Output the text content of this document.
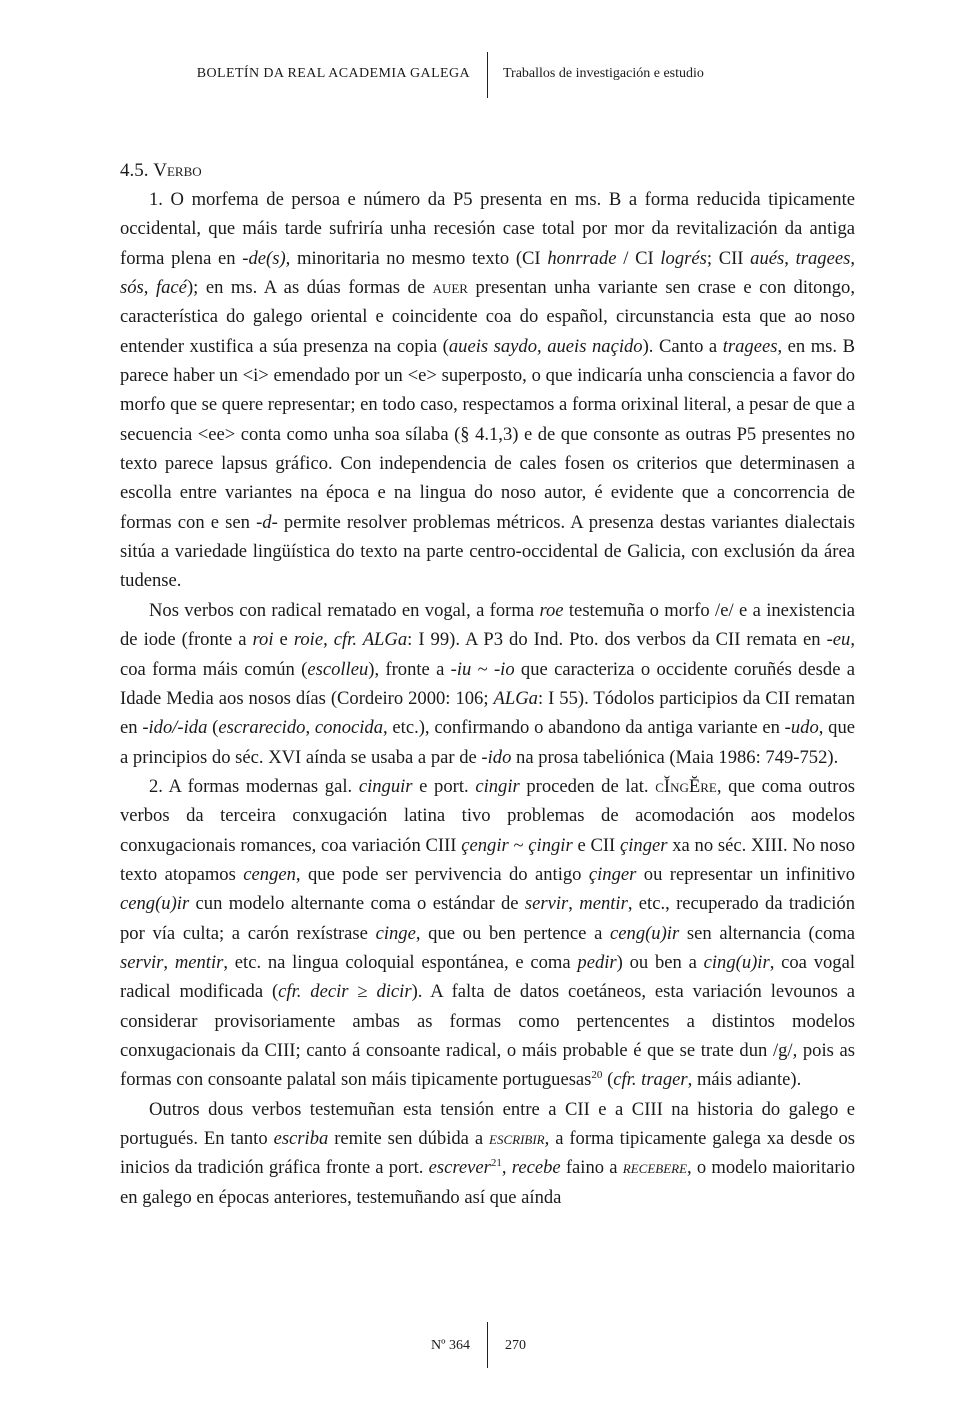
BOLETÍN DA REAL ACADEMIA GALEGA Traballos de investigación e estudio
4.5. Verbo

1. O morfema de persoa e número da P5 presenta en ms. B a forma reducida tipicamente occidental, que máis tarde sufriría unha recesión case total por mor da revitalización da antiga forma plena en -de(s), minoritaria no mesmo texto (CI honrrade / CI logrés; CII aués, tragees, sós, facé); en ms. A as dúas formas de auer presentan unha variante sen crase e con ditongo, característica do galego oriental e coincidente coa do español, circunstancia esta que ao noso entender xustifica a súa presenza na copia (aueis saydo, aueis naçido). Canto a tragees, en ms. B parece haber un <i> emendado por un <e> superposto, o que indicaría unha consciencia a favor do morfo que se quere representar; en todo caso, respectamos a forma orixinal literal, a pesar de que a secuencia <ee> conta como unha soa sílaba (§ 4.1,3) e de que consonte as outras P5 presentes no texto parece lapsus gráfico. Con independencia de cales fosen os criterios que determinasen a escolla entre variantes na época e na lingua do noso autor, é evidente que a concorrencia de formas con e sen -d- permite resolver problemas métricos. A presenza destas variantes dialectais sitúa a variedade lingüística do texto na parte centro-occidental de Galicia, con exclusión da área tudense.

Nos verbos con radical rematado en vogal, a forma roe testemuña o morfo /e/ e a inexistencia de iode (fronte a roi e roie, cfr. ALGa: I 99). A P3 do Ind. Pto. dos verbos da CII remata en -eu, coa forma máis común (escolleu), fronte a -iu ~ -io que caracteriza o occidente coruñés desde a Idade Media aos nosos días (Cordeiro 2000: 106; ALGa: I 55). Tódolos participios da CII rematan en -ido/-ida (escrarecido, conocida, etc.), confirmando o abandono da antiga variante en -udo, que a principios do séc. XVI aínda se usaba a par de -ido na prosa tabeliónica (Maia 1986: 749-752).

2. A formas modernas gal. cinguir e port. cingir proceden de lat. cĬngĔre, que coma outros verbos da terceira conxugación latina tivo problemas de acomodación aos modelos conxugacionais romances, coa variación CIII çengir ~ çingir e CII çinger xa no séc. XIII. No noso texto atopamos cengen, que pode ser pervivencia do antigo çinger ou representar un infinitivo ceng(u)ir cun modelo alternante coma o estándar de servir, mentir, etc., recuperado da tradición por vía culta; a carón rexístrase cinge, que ou ben pertence a ceng(u)ir sen alternancia (coma servir, mentir, etc. na lingua coloquial espontánea, e coma pedir) ou ben a cing(u)ir, coa vogal radical modificada (cfr. decir ≥ dicir). A falta de datos coetáneos, esta variación levounos a considerar provisoriamente ambas as formas como pertencentes a distintos modelos conxugacionais da CIII; canto á consoante radical, o máis probable é que se trate dun /g/, pois as formas con consoante palatal son máis tipicamente portuguesas$^{20}$ (cfr. trager, máis adiante).

Outros dous verbos testemuñan esta tensión entre a CII e a CIII na historia do galego e portugués. En tanto escriba remite sen dúbida a escribir, a forma tipicamente galega xa desde os inicios da tradición gráfica fronte a port. escrever$^{21}$, recebe faino a recebere, o modelo maioritario en galego en épocas anteriores, testemuñando así que aínda

Nº 364	270
